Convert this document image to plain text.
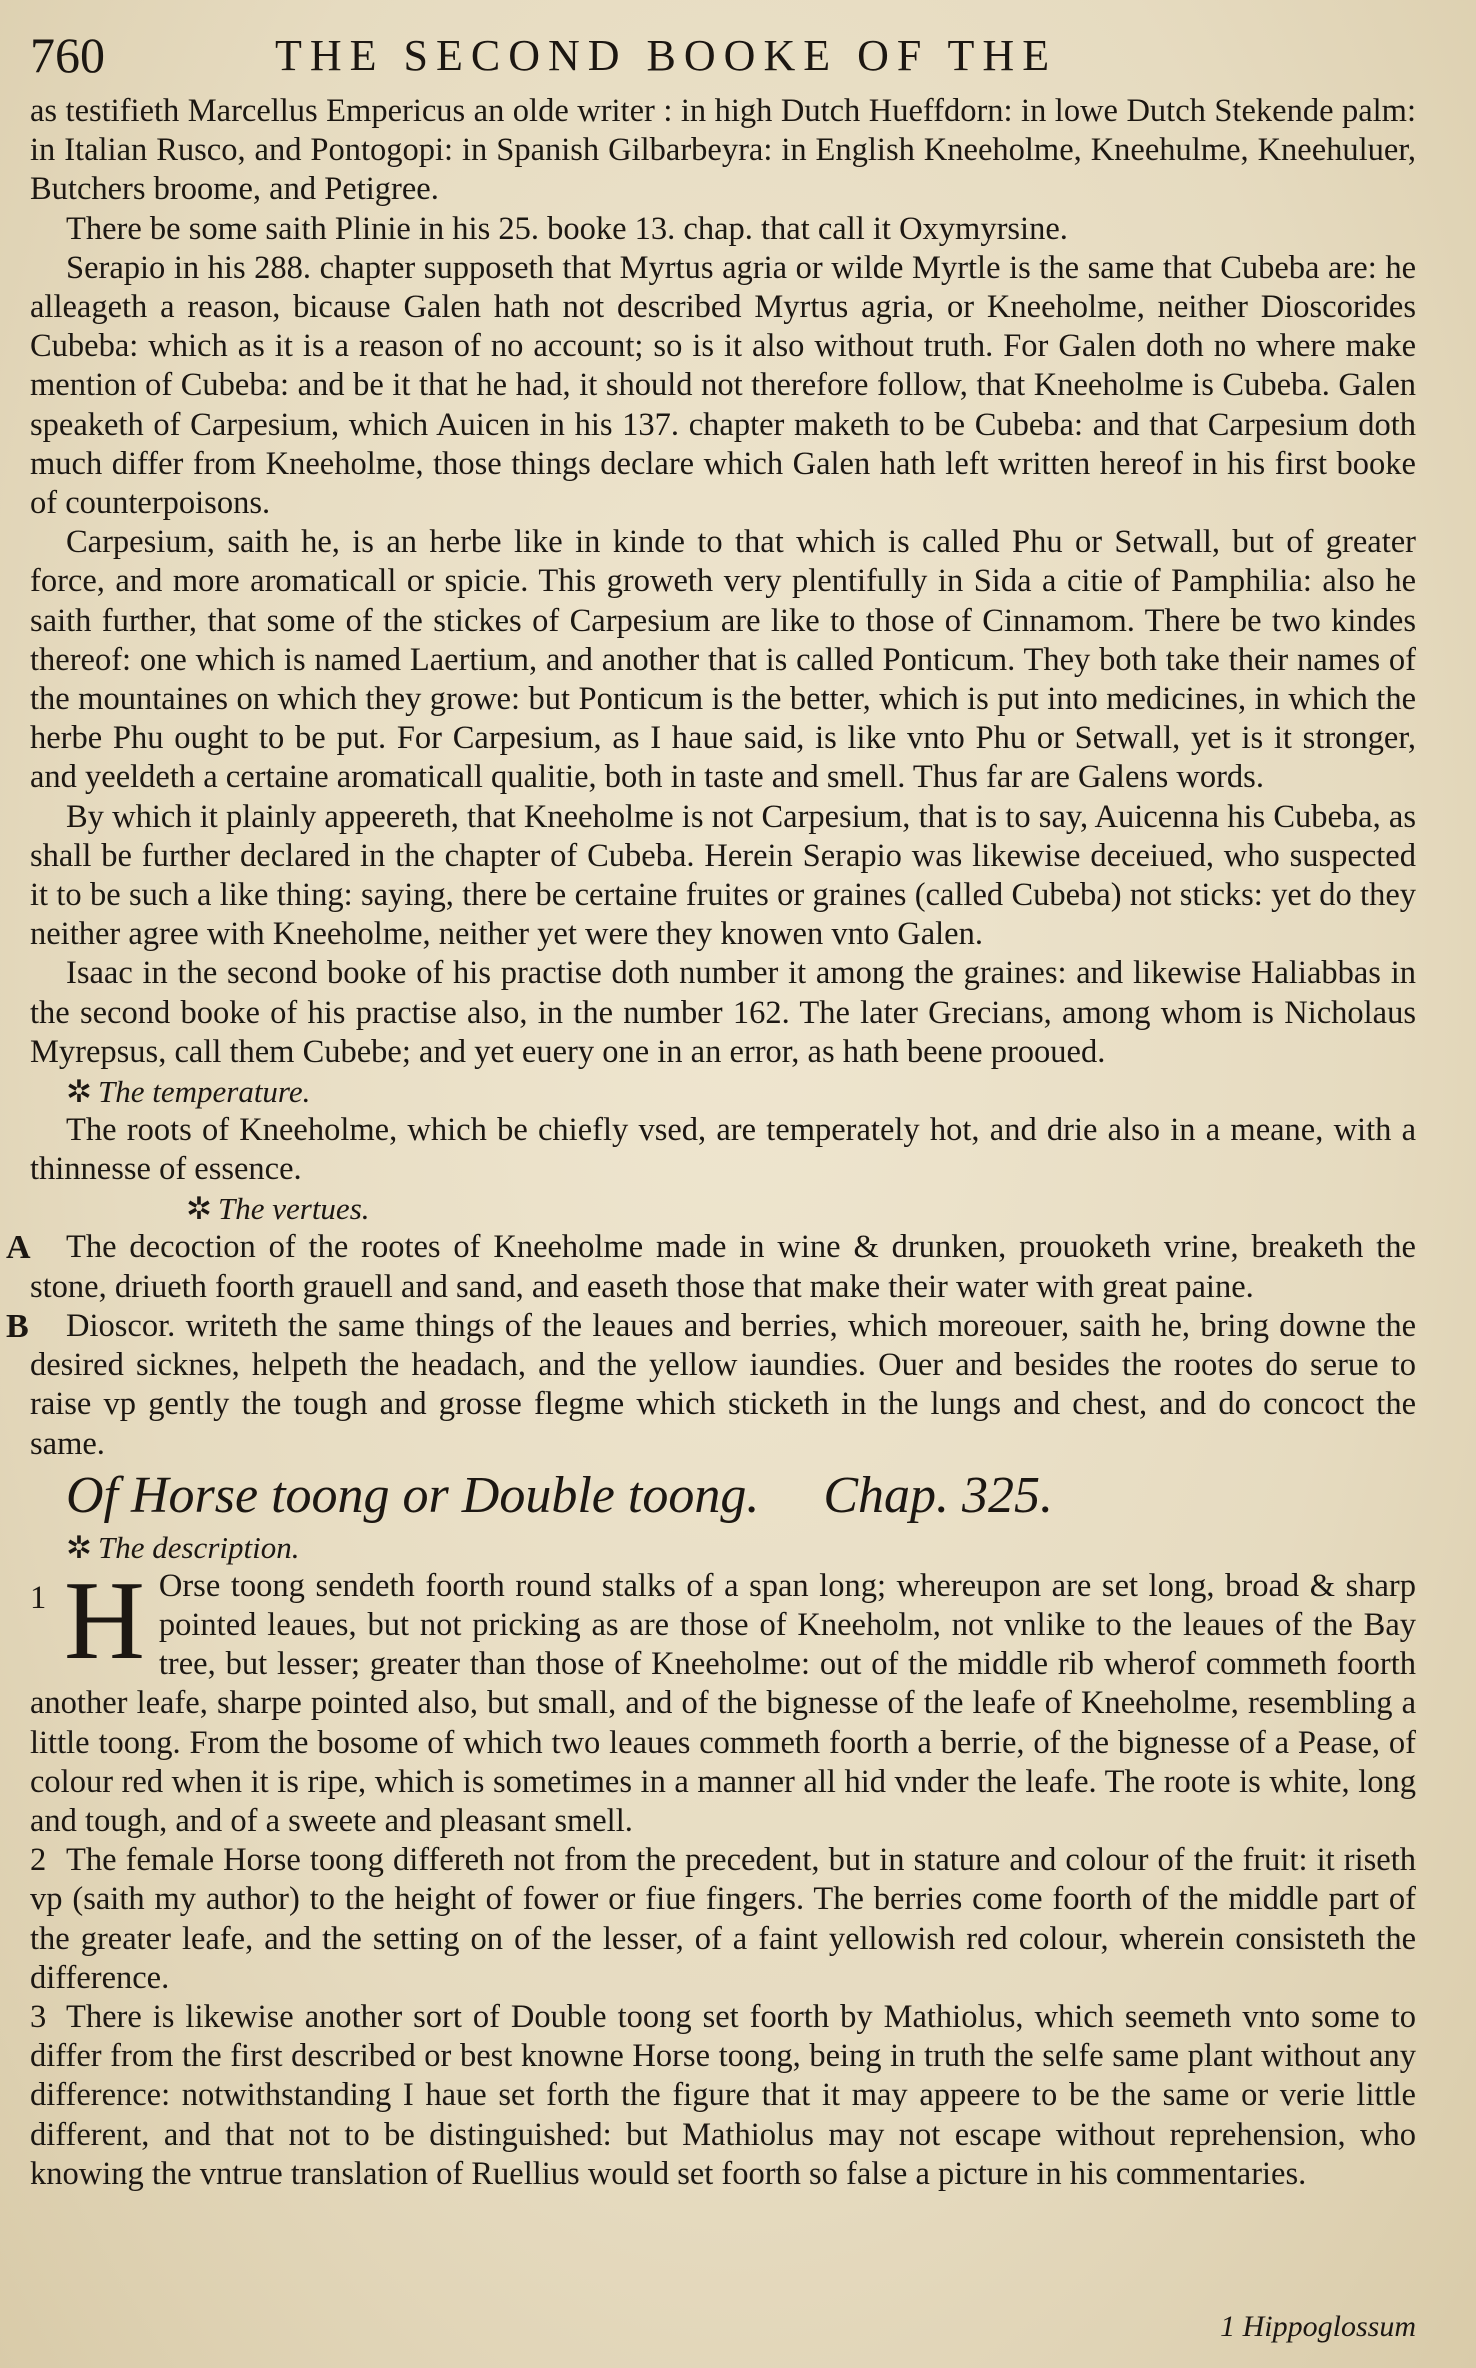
760	THE SECOND BOOKE OF THE

as testifieth Marcellus Empericus an olde writer : in high Dutch Hueffdorn: in lowe Dutch Stekende palm: in Italian Rusco, and Pontogopi: in Spanish Gilbarbeyra: in English Kneeholme, Kneehulme, Kneehuluer, Butchers broome, and Petigree.

There be some saith Plinie in his 25. booke 13. chap. that call it Oxymyrsine.

Serapio in his 288. chapter supposeth that Myrtus agria or wilde Myrtle is the same that Cubeba are: he alleageth a reason, bicause Galen hath not described Myrtus agria, or Kneeholme, neither Dioscorides Cubeba: which as it is a reason of no account; so is it also without truth. For Galen doth no where make mention of Cubeba: and be it that he had, it should not therefore follow, that Kneeholme is Cubeba. Galen speaketh of Carpesium, which Auicen in his 137. chapter maketh to be Cubeba: and that Carpesium doth much differ from Kneeholme, those things declare which Galen hath left written hereof in his first booke of counterpoisons.

Carpesium, saith he, is an herbe like in kinde to that which is called Phu or Setwall, but of greater force, and more aromaticall or spicie. This groweth very plentifully in Sida a citie of Pamphilia: also he saith further, that some of the stickes of Carpesium are like to those of Cinnamom. There be two kindes thereof: one which is named Laertium, and another that is called Ponticum. They both take their names of the mountaines on which they growe: but Ponticum is the better, which is put into medicines, in which the herbe Phu ought to be put. For Carpesium, as I haue said, is like vnto Phu or Setwall, yet is it stronger, and yeeldeth a certaine aromaticall qualitie, both in taste and smell. Thus far are Galens words.

By which it plainly appeereth, that Kneeholme is not Carpesium, that is to say, Auicenna his Cubeba, as shall be further declared in the chapter of Cubeba. Herein Serapio was likewise deceiued, who suspected it to be such a like thing: saying, there be certaine fruites or graines (called Cubeba) not sticks: yet do they neither agree with Kneeholme, neither yet were they knowen vnto Galen.

Isaac in the second booke of his practise doth number it among the graines: and likewise Haliabbas in the second booke of his practise also, in the number 162. The later Grecians, among whom is Nicholaus Myrepsus, call them Cubebe; and yet euery one in an error, as hath beene prooued.

✲ The temperature.

The roots of Kneeholme, which be chiefly vsed, are temperately hot, and drie also in a meane, with a thinnesse of essence.

✲ The vertues.

A	The decoction of the rootes of Kneeholme made in wine & drunken, prouoketh vrine, breaketh the stone, driueth foorth grauell and sand, and easeth those that make their water with great paine.

B	Dioscor. writeth the same things of the leaues and berries, which moreouer, saith he, bring downe the desired sicknes, helpeth the headach, and the yellow iaundies. Ouer and besides the rootes do serue to raise vp gently the tough and grosse flegme which sticketh in the lungs and chest, and do concoct the same.

Of Horse toong or Double toong. Chap. 325.

✲ The description.

1 H Orse toong sendeth foorth round stalks of a span long; whereupon are set long, broad & sharp pointed leaues, but not pricking as are those of Kneeholm, not vnlike to the leaues of the Bay tree, but lesser; greater than those of Kneeholme: out of the middle rib wherof commeth foorth another leafe, sharpe pointed also, but small, and of the bignesse of the leafe of Kneeholme, resembling a little toong. From the bosome of which two leaues commeth foorth a berrie, of the bignesse of a Pease, of colour red when it is ripe, which is sometimes in a manner all hid vnder the leafe. The roote is white, long and tough, and of a sweete and pleasant smell.

2 The female Horse toong differeth not from the precedent, but in stature and colour of the fruit: it riseth vp (saith my author) to the height of fower or fiue fingers. The berries come foorth of the middle part of the greater leafe, and the setting on of the lesser, of a faint yellowish red colour, wherein consisteth the difference.

3 There is likewise another sort of Double toong set foorth by Mathiolus, which seemeth vnto some to differ from the first described or best knowne Horse toong, being in truth the selfe same plant without any difference: notwithstanding I haue set forth the figure that it may appeere to be the same or verie little different, and that not to be distinguished: but Mathiolus may not escape without reprehension, who knowing the vntrue translation of Ruellius would set foorth so false a picture in his commentaries.

1 Hippoglossum
